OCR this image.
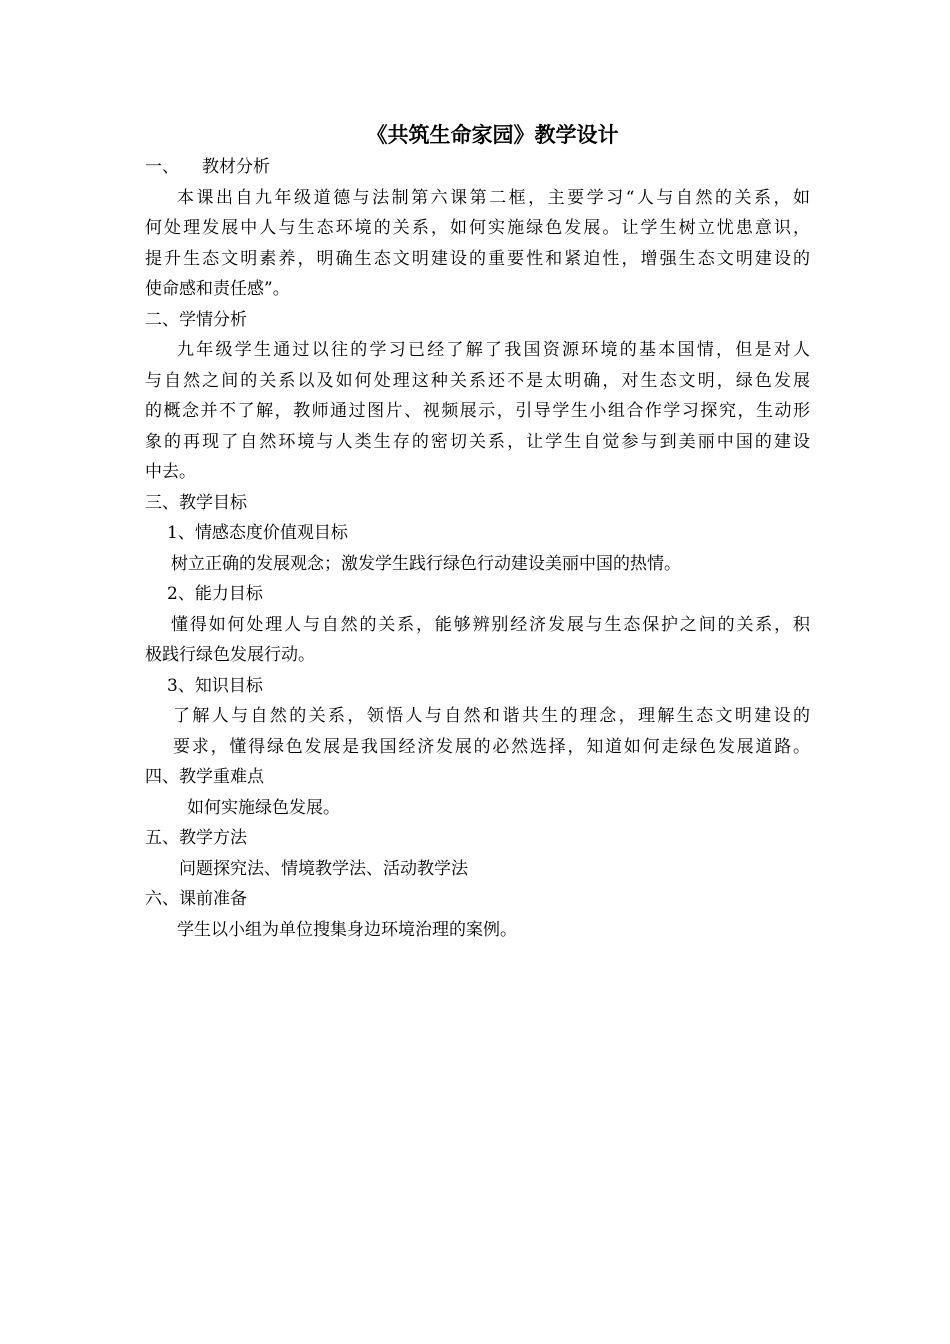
《共筑生命家园》教学设计
一、 教材分析
本课出自九年级道德与法制第六课第二框，主要学习“人与自然的关系，如
何处理发展中人与生态环境的关系，如何实施绿色发展。让学生树立忧患意识，
提升生态文明素养，明确生态文明建设的重要性和紧迫性，增强生态文明建设的
使命感和责任感”。
二、学情分析
九年级学生通过以往的学习已经了解了我国资源环境的基本国情，但是对人
与自然之间的关系以及如何处理这种关系还不是太明确，对生态文明，绿色发展
的概念并不了解，教师通过图片、视频展示，引导学生小组合作学习探究，生动形
象的再现了自然环境与人类生存的密切关系，让学生自觉参与到美丽中国的建设
中去。
三、教学目标
1、情感态度价值观目标
树立正确的发展观念；激发学生践行绿色行动建设美丽中国的热情。
2、能力目标
懂得如何处理人与自然的关系，能够辨别经济发展与生态保护之间的关系，积
极践行绿色发展行动。
3、知识目标
了解人与自然的关系，领悟人与自然和谐共生的理念，理解生态文明建设的
要求，懂得绿色发展是我国经济发展的必然选择，知道如何走绿色发展道路。
四、教学重难点
如何实施绿色发展。
五、教学方法
问题探究法、情境教学法、活动教学法
六、课前准备
学生以小组为单位搜集身边环境治理的案例。
